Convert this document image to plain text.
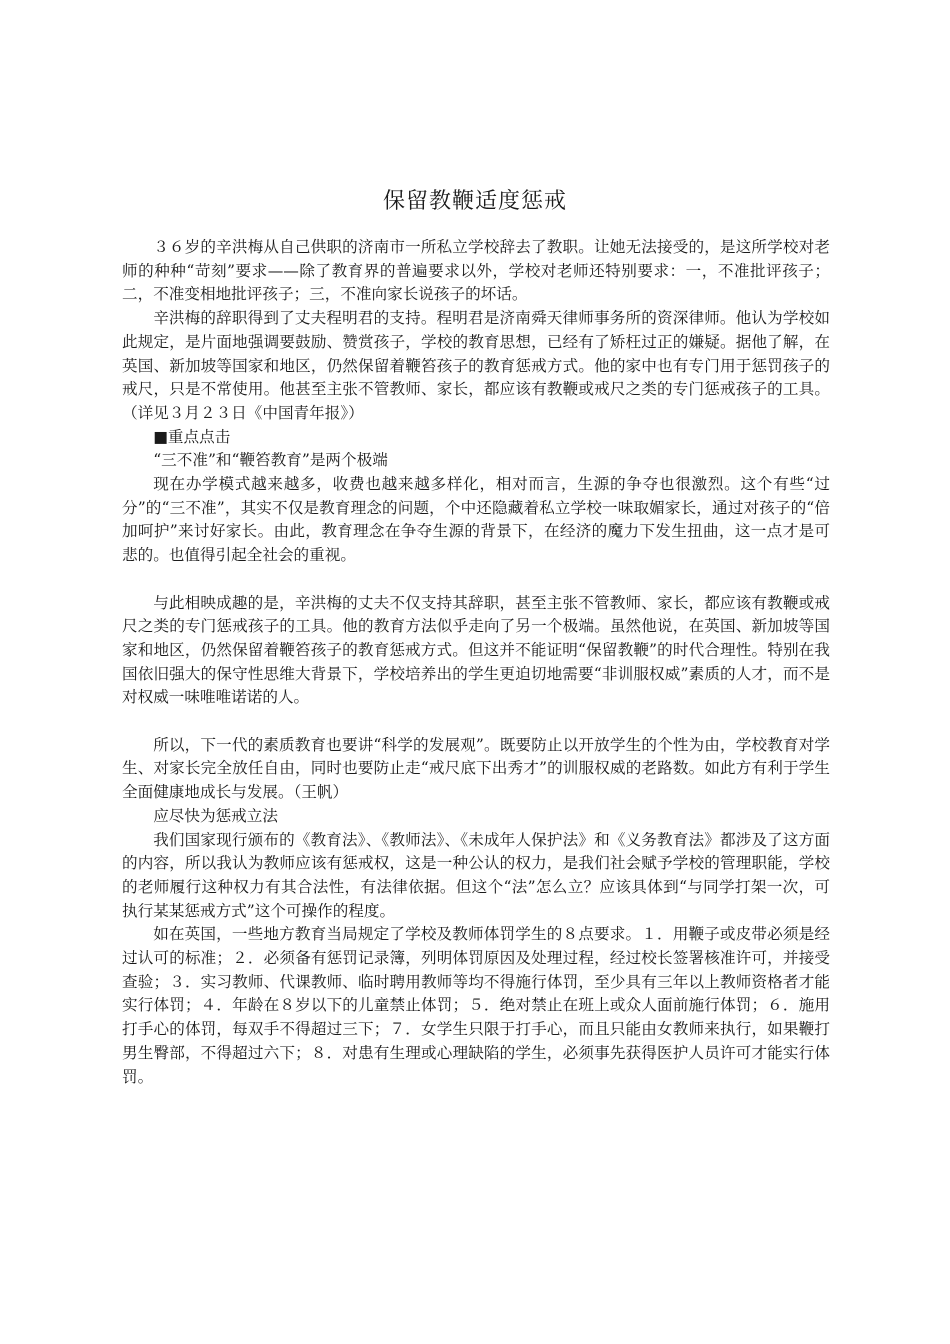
保留教鞭适度惩戒

３６岁的辛洪梅从自己供职的济南市一所私立学校辞去了教职。让她无法接受的，是这所学校对老师的种种“苛刻”要求——除了教育界的普遍要求以外，学校对老师还特别要求：一，不准批评孩子；二，不准变相地批评孩子；三，不准向家长说孩子的坏话。

辛洪梅的辞职得到了丈夫程明君的支持。程明君是济南舜天律师事务所的资深律师。他认为学校如此规定，是片面地强调要鼓励、赞赏孩子，学校的教育思想，已经有了矫枉过正的嫌疑。据他了解，在英国、新加坡等国家和地区，仍然保留着鞭笞孩子的教育惩戒方式。他的家中也有专门用于惩罚孩子的戒尺，只是不常使用。他甚至主张不管教师、家长，都应该有教鞭或戒尺之类的专门惩戒孩子的工具。（详见３月２３日《中国青年报》）

■重点点击

“三不准”和“鞭笞教育”是两个极端

现在办学模式越来越多，收费也越来越多样化，相对而言，生源的争夺也很激烈。这个有些“过分”的“三不准”，其实不仅是教育理念的问题，个中还隐藏着私立学校一味取媚家长，通过对孩子的“倍加呵护”来讨好家长。由此，教育理念在争夺生源的背景下，在经济的魔力下发生扭曲，这一点才是可悲的。也值得引起全社会的重视。

与此相映成趣的是，辛洪梅的丈夫不仅支持其辞职，甚至主张不管教师、家长，都应该有教鞭或戒尺之类的专门惩戒孩子的工具。他的教育方法似乎走向了另一个极端。虽然他说，在英国、新加坡等国家和地区，仍然保留着鞭笞孩子的教育惩戒方式。但这并不能证明“保留教鞭”的时代合理性。特别在我国依旧强大的保守性思维大背景下，学校培养出的学生更迫切地需要“非训服权威”素质的人才，而不是对权威一味唯唯诺诺的人。

所以，下一代的素质教育也要讲“科学的发展观”。既要防止以开放学生的个性为由，学校教育对学生、对家长完全放任自由，同时也要防止走“戒尺底下出秀才”的训服权威的老路数。如此方有利于学生全面健康地成长与发展。（王帆）

应尽快为惩戒立法

我们国家现行颁布的《教育法》、《教师法》、《未成年人保护法》和《义务教育法》都涉及了这方面的内容，所以我认为教师应该有惩戒权，这是一种公认的权力，是我们社会赋予学校的管理职能，学校的老师履行这种权力有其合法性，有法律依据。但这个“法”怎么立？应该具体到“与同学打架一次，可执行某某惩戒方式”这个可操作的程度。

如在英国，一些地方教育当局规定了学校及教师体罚学生的８点要求。１．用鞭子或皮带必须是经过认可的标准；２．必须备有惩罚记录簿，列明体罚原因及处理过程，经过校长签署核准许可，并接受查验；３．实习教师、代课教师、临时聘用教师等均不得施行体罚，至少具有三年以上教师资格者才能实行体罚；４．年龄在８岁以下的儿童禁止体罚；５．绝对禁止在班上或众人面前施行体罚；６．施用打手心的体罚，每双手不得超过三下；７．女学生只限于打手心，而且只能由女教师来执行，如果鞭打男生臀部，不得超过六下；８．对患有生理或心理缺陷的学生，必须事先获得医护人员许可才能实行体罚。
